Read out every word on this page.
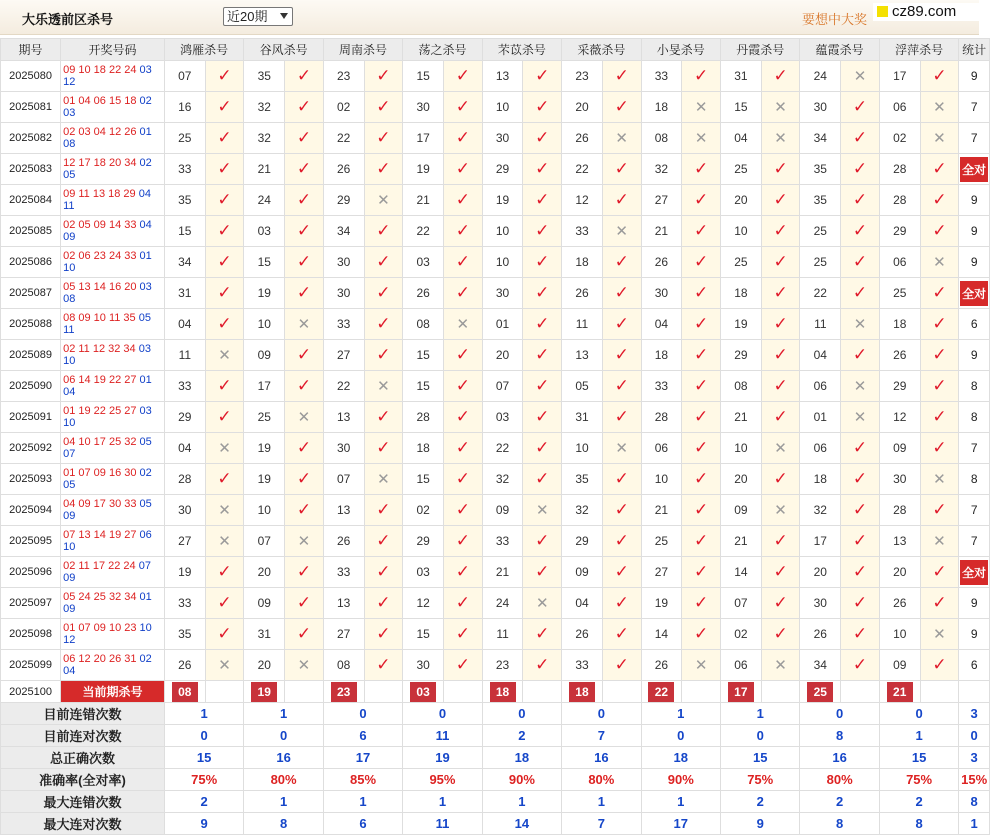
大乐透前区杀号	近20期	要想中大奖	cz89.com
期号	开奖号码	鸿雁杀号		谷风杀号		周南杀号		荡之杀号		芣苡杀号		采薇杀号		小旻杀号		丹霞杀号		蕴霞杀号		浮萍杀号		统计
2025080	09 10 18 22 24 03 12	07	✓	35	✓	23	✓	15	✓	13	✓	23	✓	33	✓	31	✓	24	✕	17	✓	9
2025081	01 04 06 15 18 02 03	16	✓	32	✓	02	✓	30	✓	10	✓	20	✓	18	✕	15	✕	30	✓	06	✕	7
2025082	02 03 04 12 26 01 08	25	✓	32	✓	22	✓	17	✓	30	✓	26	✕	08	✕	04	✕	34	✓	02	✕	7
2025083	12 17 18 20 34 02 05	33	✓	21	✓	26	✓	19	✓	29	✓	22	✓	32	✓	25	✓	35	✓	28	✓	全对
2025084	09 11 13 18 29 04 11	35	✓	24	✓	29	✕	21	✓	19	✓	12	✓	27	✓	20	✓	35	✓	28	✓	9
2025085	02 05 09 14 33 04 09	15	✓	03	✓	34	✓	22	✓	10	✓	33	✕	21	✓	10	✓	25	✓	29	✓	9
2025086	02 06 23 24 33 01 10	34	✓	15	✓	30	✓	03	✓	10	✓	18	✓	26	✓	25	✓	25	✓	06	✕	9
2025087	05 13 14 16 20 03 08	31	✓	19	✓	30	✓	26	✓	30	✓	26	✓	30	✓	18	✓	22	✓	25	✓	全对
2025088	08 09 10 11 35 05 11	04	✓	10	✕	33	✓	08	✕	01	✓	11	✓	04	✓	19	✓	11	✕	18	✓	6
2025089	02 11 12 32 34 03 10	11	✕	09	✓	27	✓	15	✓	20	✓	13	✓	18	✓	29	✓	04	✓	26	✓	9
2025090	06 14 19 22 27 01 04	33	✓	17	✓	22	✕	15	✓	07	✓	05	✓	33	✓	08	✓	06	✕	29	✓	8
2025091	01 19 22 25 27 03 10	29	✓	25	✕	13	✓	28	✓	03	✓	31	✓	28	✓	21	✓	01	✕	12	✓	8
2025092	04 10 17 25 32 05 07	04	✕	19	✓	30	✓	18	✓	22	✓	10	✕	06	✓	10	✕	06	✓	09	✓	7
2025093	01 07 09 16 30 02 05	28	✓	19	✓	07	✕	15	✓	32	✓	35	✓	10	✓	20	✓	18	✓	30	✕	8
2025094	04 09 17 30 33 05 09	30	✕	10	✓	13	✓	02	✓	09	✕	32	✓	21	✓	09	✕	32	✓	28	✓	7
2025095	07 13 14 19 27 06 10	27	✕	07	✕	26	✓	29	✓	33	✓	29	✓	25	✓	21	✓	17	✓	13	✕	7
2025096	02 11 17 22 24 07 09	19	✓	20	✓	33	✓	03	✓	21	✓	09	✓	27	✓	14	✓	20	✓	20	✓	全对
2025097	05 24 25 32 34 01 09	33	✓	09	✓	13	✓	12	✓	24	✕	04	✓	19	✓	07	✓	30	✓	26	✓	9
2025098	01 07 09 10 23 10 12	35	✓	31	✓	27	✓	15	✓	11	✓	26	✓	14	✓	02	✓	26	✓	10	✕	9
2025099	06 12 20 26 31 02 04	26	✕	20	✕	08	✓	30	✓	23	✓	33	✓	26	✕	06	✕	34	✓	09	✓	6
2025100	当前期杀号	08		19		23		03		18		18		22		17		25		21		
目前连错次数		1		1		0		0		0		0		1		1		0		0		3
目前连对次数		0		0		6		11		2		7		0		0		8		1		0
总正确次数		15		16		17		19		18		16		18		15		16		15		3
准确率(全对率)		75%		80%		85%		95%		90%		80%		90%		75%		80%		75%		15%
最大连错次数		2		1		1		1		1		1		1		2		2		2		8
最大连对次数		9		8		6		11		14		7		17		9		8		8		1
